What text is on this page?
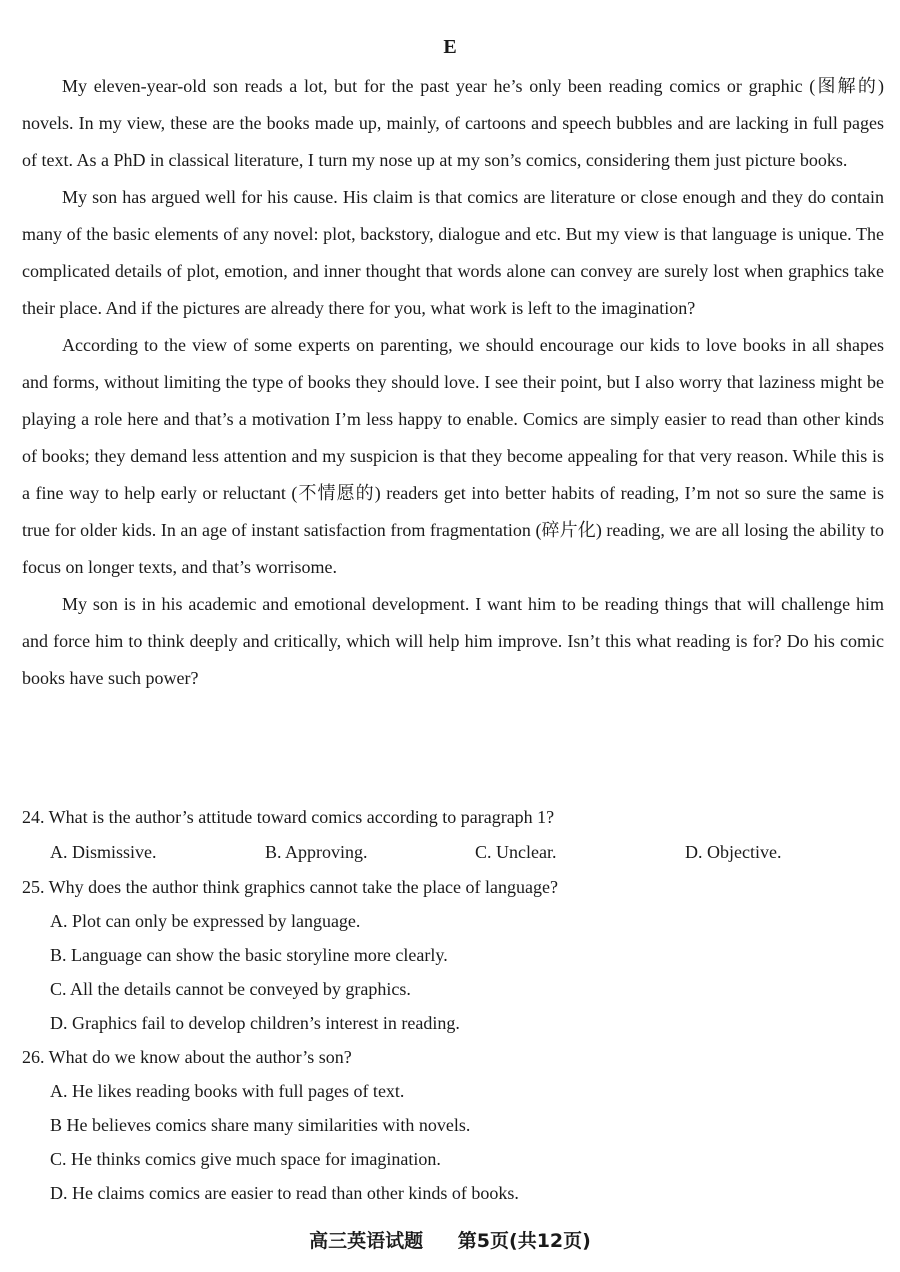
E

My eleven-year-old son reads a lot, but for the past year he’s only been reading comics or graphic (图解的) novels. In my view, these are the books made up, mainly, of cartoons and speech bubbles and are lacking in full pages of text. As a PhD in classical literature, I turn my nose up at my son’s comics, considering them just picture books.

My son has argued well for his cause. His claim is that comics are literature or close enough and they do contain many of the basic elements of any novel: plot, backstory, dialogue and etc. But my view is that language is unique. The complicated details of plot, emotion, and inner thought that words alone can convey are surely lost when graphics take their place. And if the pictures are already there for you, what work is left to the imagination?

According to the view of some experts on parenting, we should encourage our kids to love books in all shapes and forms, without limiting the type of books they should love. I see their point, but I also worry that laziness might be playing a role here and that’s a motivation I’m less happy to enable. Comics are simply easier to read than other kinds of books; they demand less attention and my suspicion is that they become appealing for that very reason. While this is a fine way to help early or reluctant (不情愿的) readers get into better habits of reading, I’m not so sure the same is true for older kids. In an age of instant satisfaction from fragmentation (碎片化) reading, we are all losing the ability to focus on longer texts, and that’s worrisome.

My son is in his academic and emotional development. I want him to be reading things that will challenge him and force him to think deeply and critically, which will help him improve. Isn’t this what reading is for? Do his comic books have such power?

24. What is the author’s attitude toward comics according to paragraph 1?
A. Dismissive.	B. Approving.	C. Unclear.	D. Objective.
25. Why does the author think graphics cannot take the place of language?
A. Plot can only be expressed by language.
B. Language can show the basic storyline more clearly.
C. All the details cannot be conveyed by graphics.
D. Graphics fail to develop children’s interest in reading.
26. What do we know about the author’s son?
A. He likes reading books with full pages of text.
B He believes comics share many similarities with novels.
C. He thinks comics give much space for imagination.
D. He claims comics are easier to read than other kinds of books.
高三英语试题 第5页(共12页)
